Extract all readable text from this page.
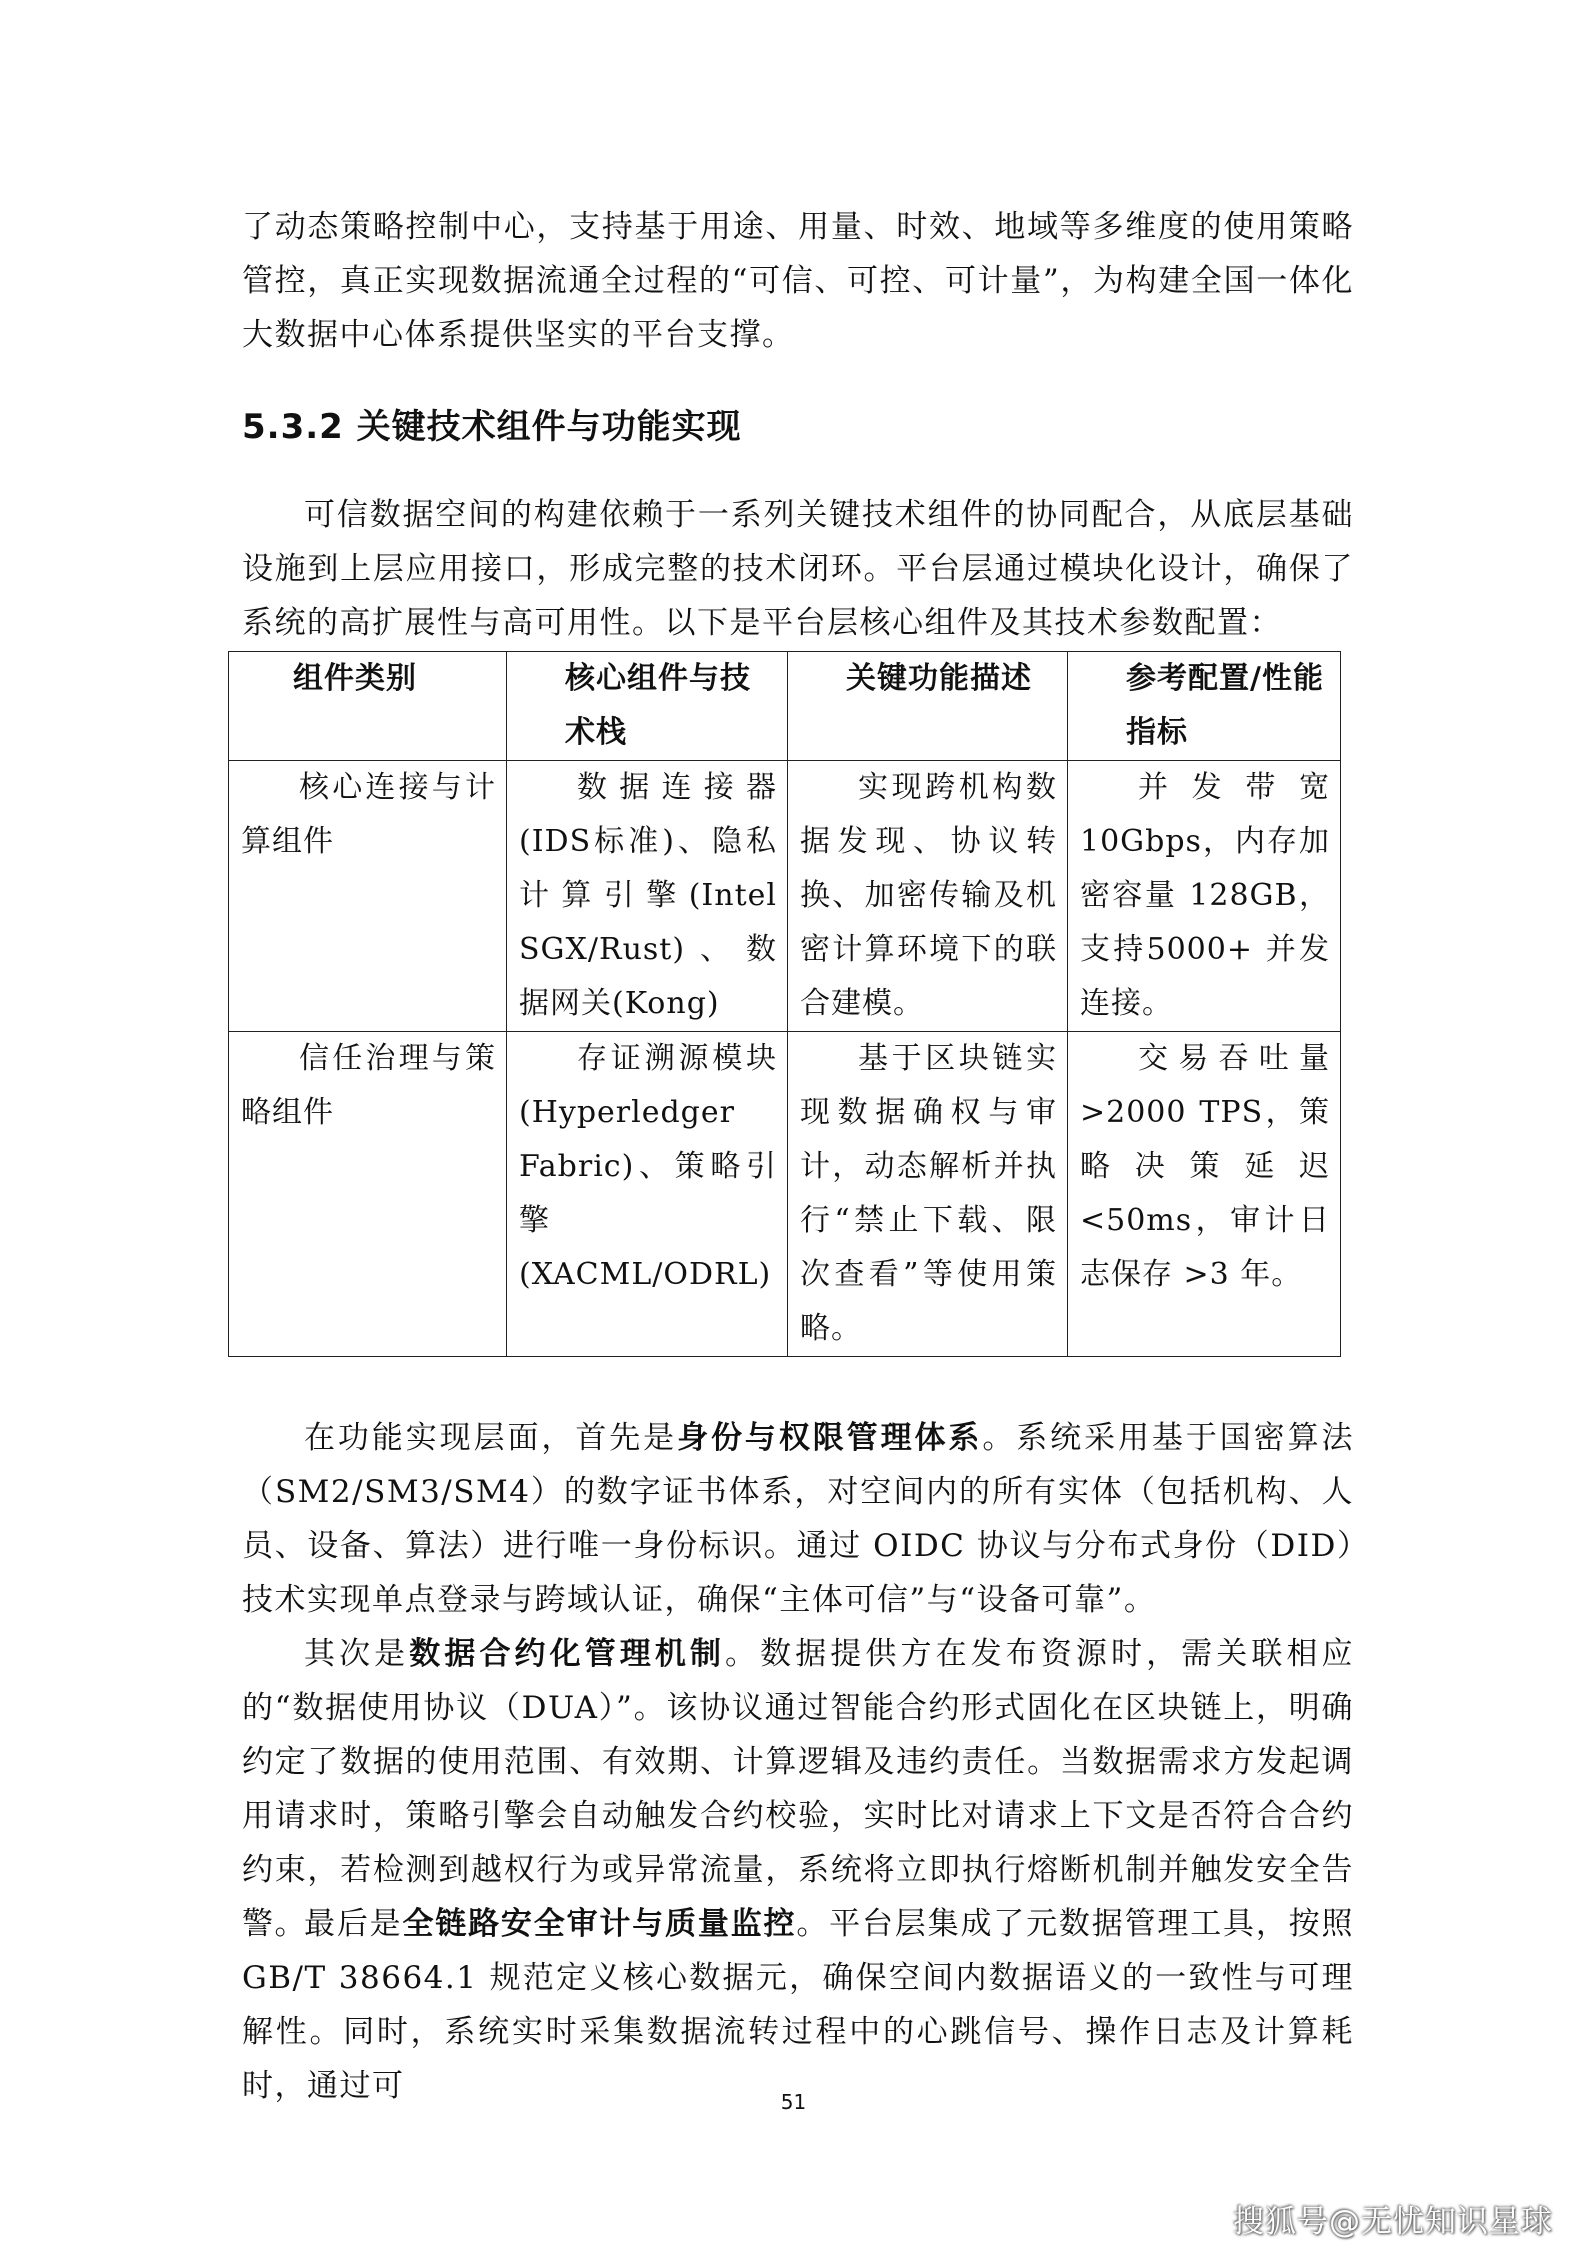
了动态策略控制中心，支持基于用途、用量、时效、地域等多维度的使用策略管控，真正实现数据流通全过程的“可信、可控、可计量”，为构建全国一体化大数据中心体系提供坚实的平台支撑。

5.3.2 关键技术组件与功能实现

可信数据空间的构建依赖于一系列关键技术组件的协同配合，从底层基础设施到上层应用接口，形成完整的技术闭环。平台层通过模块化设计，确保了系统的高扩展性与高可用性。以下是平台层核心组件及其技术参数配置：

组件类别	核心组件与技术栈	关键功能描述	参考配置/性能指标
核心连接与计算组件	数据连接器(IDS标准)、隐私计算引擎(Intel SGX/Rust)、数据网关(Kong)	实现跨机构数据发现、协议转换、加密传输及机密计算环境下的联合建模。	并发带宽10Gbps，内存加密容量 128GB，支持5000+ 并发连接。
信任治理与策略组件	存证溯源模块(Hyperledger Fabric)、策略引擎(XACML/ODRL)	基于区块链实现数据确权与审计，动态解析并执行“禁止下载、限次查看”等使用策略。	交易吞吐量 >2000 TPS，策略决策延迟 <50ms，审计日志保存 >3 年。

在功能实现层面，首先是身份与权限管理体系。系统采用基于国密算法（SM2/SM3/SM4）的数字证书体系，对空间内的所有实体（包括机构、人员、设备、算法）进行唯一身份标识。通过 OIDC 协议与分布式身份（DID）技术实现单点登录与跨域认证，确保“主体可信”与“设备可靠”。

其次是数据合约化管理机制。数据提供方在发布资源时，需关联相应的“数据使用协议（DUA）”。该协议通过智能合约形式固化在区块链上，明确约定了数据的使用范围、有效期、计算逻辑及违约责任。当数据需求方发起调用请求时，策略引擎会自动触发合约校验，实时比对请求上下文是否符合合约约束，若检测到越权行为或异常流量，系统将立即执行熔断机制并触发安全告警。

最后是全链路安全审计与质量监控。平台层集成了元数据管理工具，按照 GB/T 38664.1 规范定义核心数据元，确保空间内数据语义的一致性与可理解性。同时，系统实时采集数据流转过程中的心跳信号、操作日志及计算耗时，通过可	51
搜狐号@无忧知识星球
